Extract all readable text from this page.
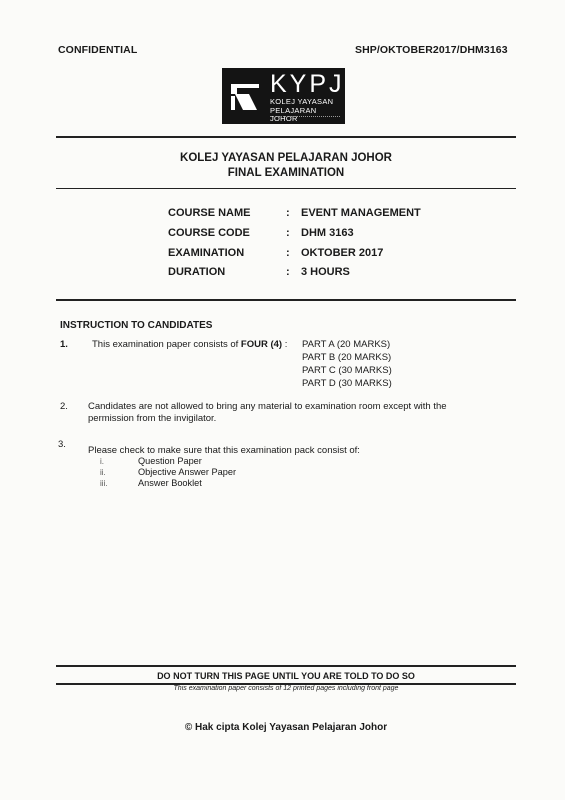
CONFIDENTIAL	SHP/OKTOBER2017/DHM3163
KYPJ
KOLEJ YAYASAN
PELAJARAN JOHOR
KOLEJ YAYASAN PELAJARAN JOHOR
FINAL EXAMINATION
COURSE NAME	: EVENT MANAGEMENT
COURSE CODE	: DHM 3163
EXAMINATION	: OKTOBER 2017
DURATION	: 3 HOURS
INSTRUCTION TO CANDIDATES
1.	This examination paper consists of FOUR (4) : PART A (20 MARKS)
PART B (20 MARKS)
PART C (30 MARKS)
PART D (30 MARKS)
2. Candidates are not allowed to bring any material to examination room except with the
permission from the invigilator.
3.
Please check to make sure that this examination pack consist of:
i.	Question Paper
ii.	Objective Answer Paper
iii.	Answer Booklet
DO NOT TURN THIS PAGE UNTIL YOU ARE TOLD TO DO SO
This examination paper consists of 12 printed pages including front page
© Hak cipta Kolej Yayasan Pelajaran Johor
